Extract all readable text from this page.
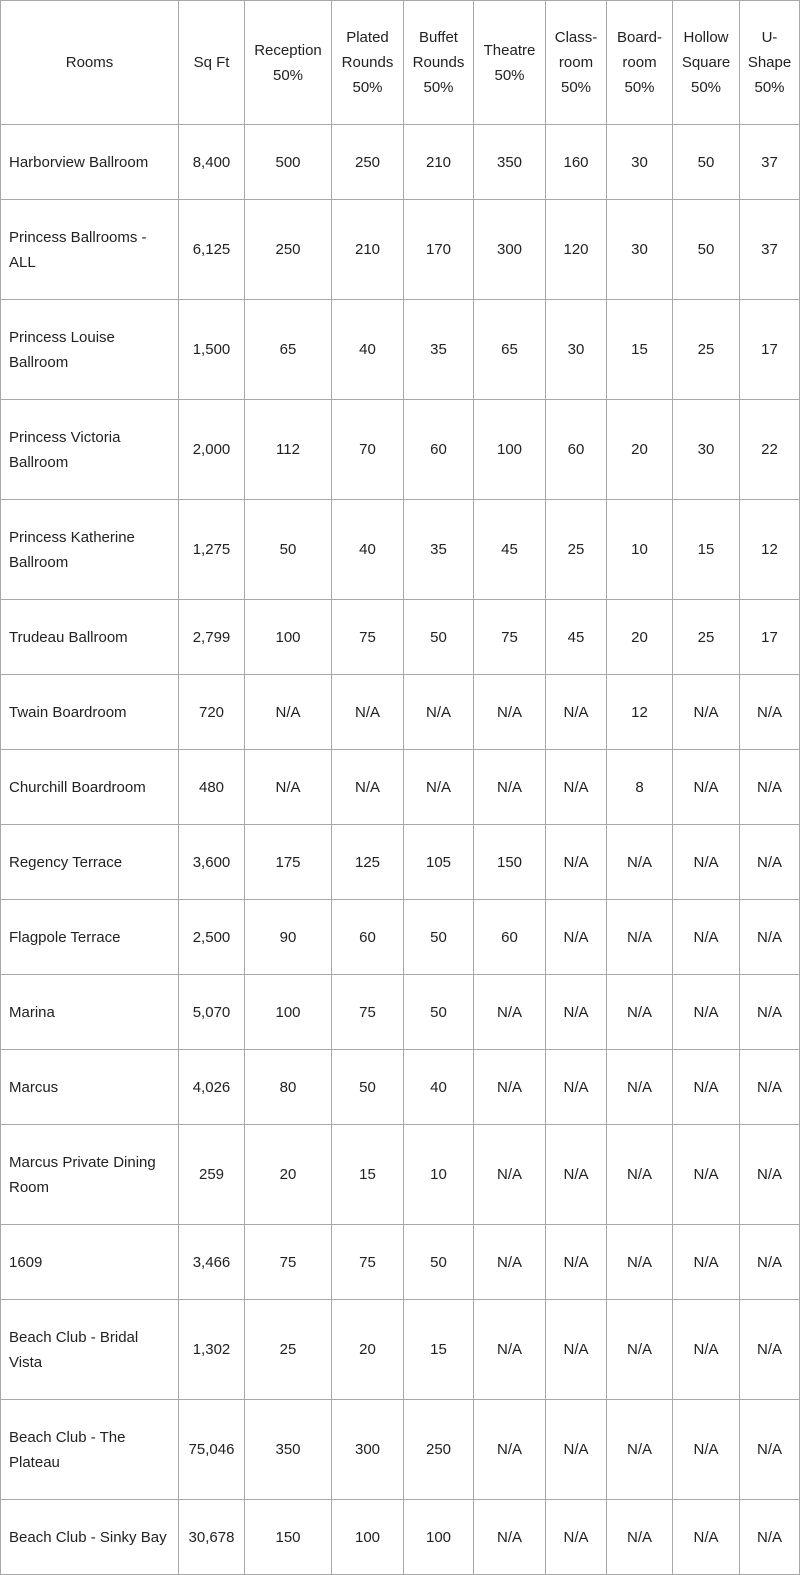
Rooms	Sq Ft	Reception 50%	Plated Rounds 50%	Buffet Rounds 50%	Theatre 50%	Class-room 50%	Board-room 50%	Hollow Square 50%	U-Shape 50%
Harborview Ballroom	8,400	500	250	210	350	160	30	50	37
Princess Ballrooms - ALL	6,125	250	210	170	300	120	30	50	37
Princess Louise Ballroom	1,500	65	40	35	65	30	15	25	17
Princess Victoria Ballroom	2,000	112	70	60	100	60	20	30	22
Princess Katherine Ballroom	1,275	50	40	35	45	25	10	15	12
Trudeau Ballroom	2,799	100	75	50	75	45	20	25	17
Twain Boardroom	720	N/A	N/A	N/A	N/A	N/A	12	N/A	N/A
Churchill Boardroom	480	N/A	N/A	N/A	N/A	N/A	8	N/A	N/A
Regency Terrace	3,600	175	125	105	150	N/A	N/A	N/A	N/A
Flagpole Terrace	2,500	90	60	50	60	N/A	N/A	N/A	N/A
Marina	5,070	100	75	50	N/A	N/A	N/A	N/A	N/A
Marcus	4,026	80	50	40	N/A	N/A	N/A	N/A	N/A
Marcus Private Dining Room	259	20	15	10	N/A	N/A	N/A	N/A	N/A
1609	3,466	75	75	50	N/A	N/A	N/A	N/A	N/A
Beach Club - Bridal Vista	1,302	25	20	15	N/A	N/A	N/A	N/A	N/A
Beach Club - The Plateau	75,046	350	300	250	N/A	N/A	N/A	N/A	N/A
Beach Club - Sinky Bay	30,678	150	100	100	N/A	N/A	N/A	N/A	N/A
